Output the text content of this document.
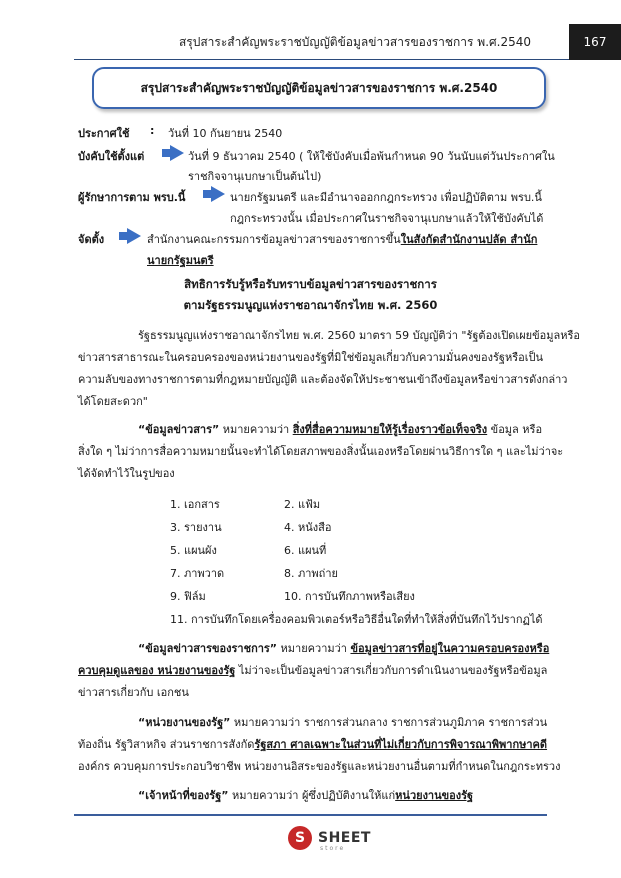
สรุปสาระสำคัญพระราชบัญญัติข้อมูลข่าวสารของราชการ พ.ศ.2540	167
สรุปสาระสำคัญพระราชบัญญัติข้อมูลข่าวสารของราชการ พ.ศ.2540
ประกาศใช้ : วันที่ 10 กันยายน 2540
บังคับใช้ตั้งแต่	วันที่ 9 ธันวาคม 2540 ( ให้ใช้บังคับเมื่อพ้นกำหนด 90 วันนับแต่วันประกาศใน
ราชกิจจานุเบกษาเป็นต้นไป)
ผู้รักษาการตาม พรบ.นี้	นายกรัฐมนตรี และมีอำนาจออกกฎกระทรวง เพื่อปฏิบัติตาม พรบ.นี้
กฎกระทรวงนั้น เมื่อประกาศในราชกิจจานุเบกษาแล้วให้ใช้บังคับได้
จัดตั้ง	สำนักงานคณะกรรมการข้อมูลข่าวสารของราชการขึ้นในสังกัดสำนักงานปลัด สำนัก
นายกรัฐมนตรี
สิทธิการรับรู้หรือรับทราบข้อมูลข่าวสารของราชการ
ตามรัฐธรรมนูญแห่งราชอาณาจักรไทย พ.ศ. 2560
รัฐธรรมนูญแห่งราชอาณาจักรไทย พ.ศ. 2560 มาตรา 59 บัญญัติว่า "รัฐต้องเปิดเผยข้อมูลหรือ
ข่าวสารสาธารณะในครอบครองของหน่วยงานของรัฐที่มิใช่ข้อมูลเกี่ยวกับความมั่นคงของรัฐหรือเป็น
ความลับของทางราชการตามที่กฎหมายบัญญัติ และต้องจัดให้ประชาชนเข้าถึงข้อมูลหรือข่าวสารดังกล่าว
ได้โดยสะดวก"
“ข้อมูลข่าวสาร” หมายความว่า สิ่งที่สื่อความหมายให้รู้เรื่องราวข้อเท็จจริง ข้อมูล หรือ
สิ่งใด ๆ ไม่ว่าการสื่อความหมายนั้นจะทำได้โดยสภาพของสิ่งนั้นเองหรือโดยผ่านวิธีการใด ๆ และไม่ว่าจะ
ได้จัดทำไว้ในรูปของ
1. เอกสาร	2. แฟ้ม
3. รายงาน	4. หนังสือ
5. แผนผัง	6. แผนที่
7. ภาพวาด	8. ภาพถ่าย
9. ฟิล์ม	10. การบันทึกภาพหรือเสียง
11. การบันทึกโดยเครื่องคอมพิวเตอร์หรือวิธีอื่นใดที่ทำให้สิ่งที่บันทึกไว้ปรากฏได้
“ข้อมูลข่าวสารของราชการ” หมายความว่า ข้อมูลข่าวสารที่อยู่ในความครอบครองหรือ
ควบคุมดูแลของ หน่วยงานของรัฐ ไม่ว่าจะเป็นข้อมูลข่าวสารเกี่ยวกับการดำเนินงานของรัฐหรือข้อมูล
ข่าวสารเกี่ยวกับ เอกชน
“หน่วยงานของรัฐ” หมายความว่า ราชการส่วนกลาง ราชการส่วนภูมิภาค ราชการส่วน
ท้องถิ่น รัฐวิสาหกิจ ส่วนราชการสังกัดรัฐสภา ศาลเฉพาะในส่วนที่ไม่เกี่ยวกับการพิจารณาพิพากษาคดี
องค์กร ควบคุมการประกอบวิชาชีพ หน่วยงานอิสระของรัฐและหน่วยงานอื่นตามที่กำหนดในกฎกระทรวง
“เจ้าหน้าที่ของรัฐ” หมายความว่า ผู้ซึ่งปฏิบัติงานให้แก่หน่วยงานของรัฐ
S SHEET
store
